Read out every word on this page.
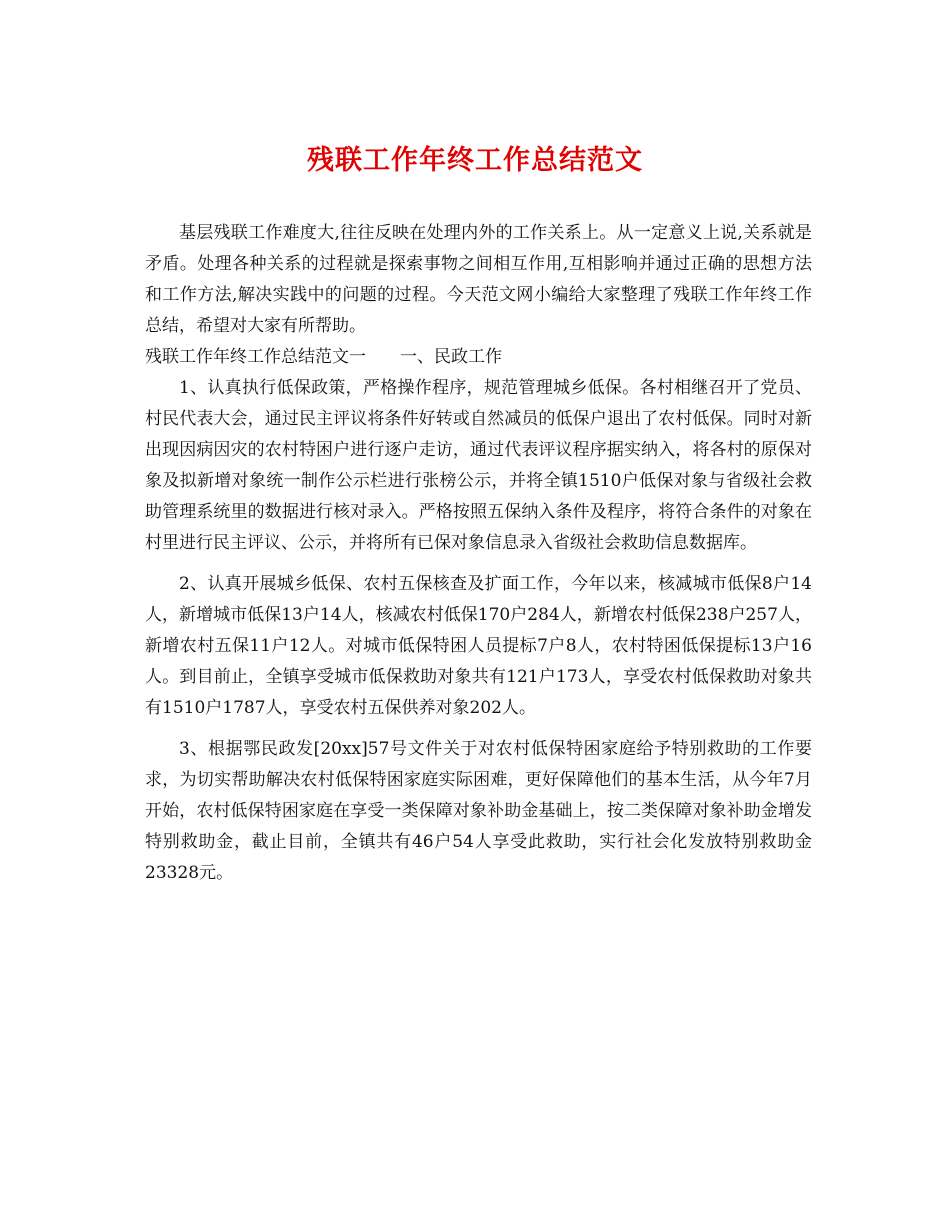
残联工作年终工作总结范文

基层残联工作难度大,往往反映在处理内外的工作关系上。从一定意义上说,关系就是矛盾。处理各种关系的过程就是探索事物之间相互作用,互相影响并通过正确的思想方法和工作方法,解决实践中的问题的过程。今天范文网小编给大家整理了残联工作年终工作总结，希望对大家有所帮助。

残联工作年终工作总结范文一 一、民政工作

1、认真执行低保政策，严格操作程序，规范管理城乡低保。各村相继召开了党员、村民代表大会，通过民主评议将条件好转或自然减员的低保户退出了农村低保。同时对新出现因病因灾的农村特困户进行逐户走访，通过代表评议程序据实纳入，将各村的原保对象及拟新增对象统一制作公示栏进行张榜公示，并将全镇1510户低保对象与省级社会救助管理系统里的数据进行核对录入。严格按照五保纳入条件及程序，将符合条件的对象在村里进行民主评议、公示，并将所有已保对象信息录入省级社会救助信息数据库。

2、认真开展城乡低保、农村五保核查及扩面工作，今年以来，核减城市低保8户14人，新增城市低保13户14人，核减农村低保170户284人，新增农村低保238户257人，新增农村五保11户12人。对城市低保特困人员提标7户8人，农村特困低保提标13户16人。到目前止，全镇享受城市低保救助对象共有121户173人，享受农村低保救助对象共有1510户1787人，享受农村五保供养对象202人。

3、根据鄂民政发[20xx]57号文件关于对农村低保特困家庭给予特别救助的工作要求，为切实帮助解决农村低保特困家庭实际困难，更好保障他们的基本生活，从今年7月开始，农村低保特困家庭在享受一类保障对象补助金基础上，按二类保障对象补助金增发特别救助金，截止目前，全镇共有46户54人享受此救助，实行社会化发放特别救助金23328元。
